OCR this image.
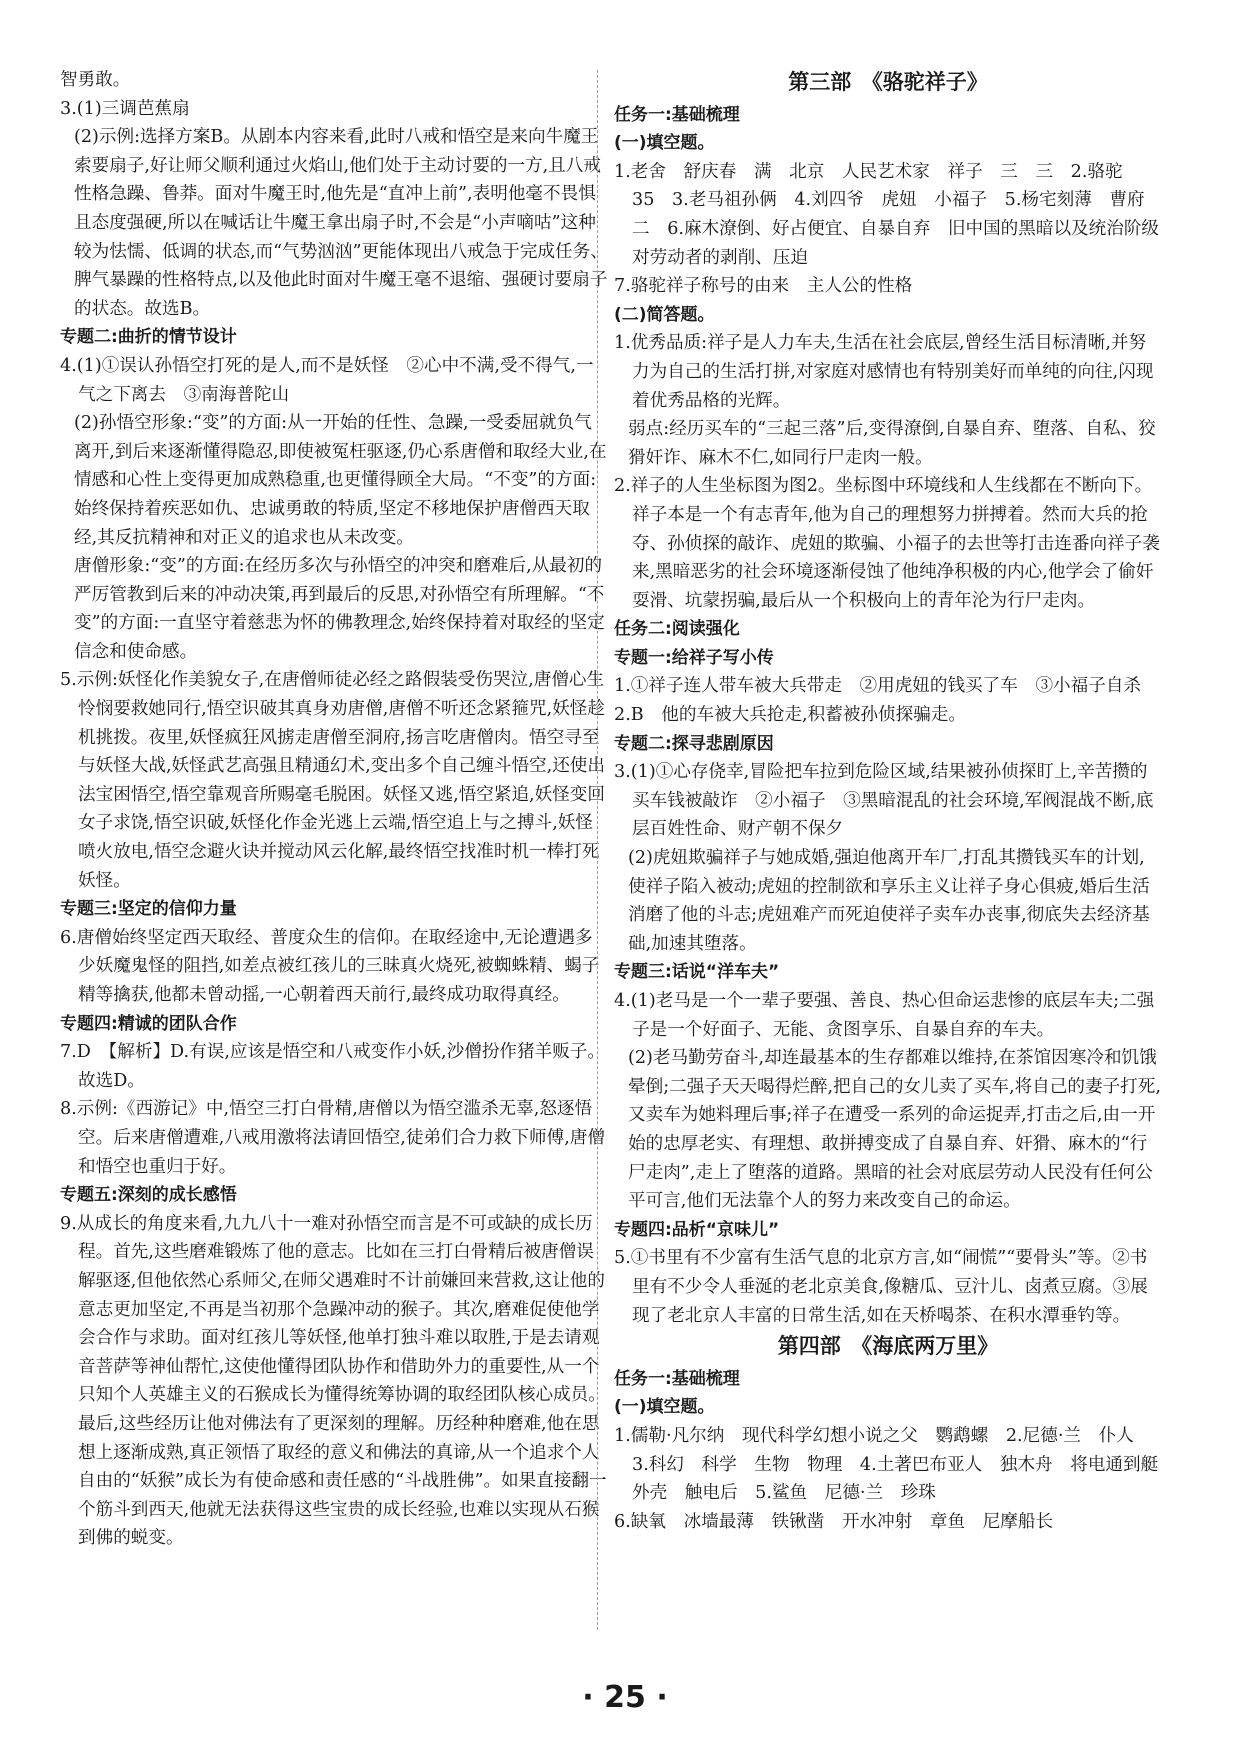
智勇敢。
3.(1)三调芭蕉扇
(2)示例:选择方案B。从剧本内容来看,此时八戒和悟空是来向牛魔王索要扇子,好让师父顺利通过火焰山,他们处于主动讨要的一方,且八戒性格急躁、鲁莽。面对牛魔王时,他先是“直冲上前”,表明他毫不畏惧且态度强硬,所以在喊话让牛魔王拿出扇子时,不会是“小声嘀咕”这种较为怯懦、低调的状态,而“气势汹汹”更能体现出八戒急于完成任务、脾气暴躁的性格特点,以及他此时面对牛魔王毫不退缩、强硬讨要扇子的状态。故选B。
专题二:曲折的情节设计
4.(1)①误认孙悟空打死的是人,而不是妖怪　②心中不满,受不得气,一气之下离去　③南海普陀山
(2)孙悟空形象:“变”的方面:从一开始的任性、急躁,一受委屈就负气离开,到后来逐渐懂得隐忍,即使被冤枉驱逐,仍心系唐僧和取经大业,在情感和心性上变得更加成熟稳重,也更懂得顾全大局。“不变”的方面:始终保持着疾恶如仇、忠诚勇敢的特质,坚定不移地保护唐僧西天取经,其反抗精神和对正义的追求也从未改变。
唐僧形象:“变”的方面:在经历多次与孙悟空的冲突和磨难后,从最初的严厉管教到后来的冲动决策,再到最后的反思,对孙悟空有所理解。“不变”的方面:一直坚守着慈悲为怀的佛教理念,始终保持着对取经的坚定信念和使命感。
5.示例:妖怪化作美貌女子,在唐僧师徒必经之路假装受伤哭泣,唐僧心生怜悯要救她同行,悟空识破其真身劝唐僧,唐僧不听还念紧箍咒,妖怪趁机挑拨。夜里,妖怪疯狂风掳走唐僧至洞府,扬言吃唐僧肉。悟空寻至与妖怪大战,妖怪武艺高强且精通幻术,变出多个自己缠斗悟空,还使出法宝困悟空,悟空靠观音所赐毫毛脱困。妖怪又逃,悟空紧追,妖怪变回女子求饶,悟空识破,妖怪化作金光逃上云端,悟空追上与之搏斗,妖怪喷火放电,悟空念避火诀并搅动风云化解,最终悟空找准时机一棒打死妖怪。
专题三:坚定的信仰力量
6.唐僧始终坚定西天取经、普度众生的信仰。在取经途中,无论遭遇多少妖魔鬼怪的阻挡,如差点被红孩儿的三昧真火烧死,被蜘蛛精、蝎子精等擒获,他都未曾动摇,一心朝着西天前行,最终成功取得真经。
专题四:精诚的团队合作
7.D　【解析】D.有误,应该是悟空和八戒变作小妖,沙僧扮作猪羊贩子。故选D。
8.示例:《西游记》中,悟空三打白骨精,唐僧以为悟空滥杀无辜,怒逐悟空。后来唐僧遭难,八戒用激将法请回悟空,徒弟们合力救下师傅,唐僧和悟空也重归于好。
专题五:深刻的成长感悟
9.从成长的角度来看,九九八十一难对孙悟空而言是不可或缺的成长历程。首先,这些磨难锻炼了他的意志。比如在三打白骨精后被唐僧误解驱逐,但他依然心系师父,在师父遇难时不计前嫌回来营救,这让他的意志更加坚定,不再是当初那个急躁冲动的猴子。其次,磨难促使他学会合作与求助。面对红孩儿等妖怪,他单打独斗难以取胜,于是去请观音菩萨等神仙帮忙,这使他懂得团队协作和借助外力的重要性,从一个只知个人英雄主义的石猴成长为懂得统筹协调的取经团队核心成员。最后,这些经历让他对佛法有了更深刻的理解。历经种种磨难,他在思想上逐渐成熟,真正领悟了取经的意义和佛法的真谛,从一个追求个人自由的“妖猴”成长为有使命感和责任感的“斗战胜佛”。如果直接翻一个筋斗到西天,他就无法获得这些宝贵的成长经验,也难以实现从石猴到佛的蜕变。
第三部　《骆驼祥子》
任务一:基础梳理
(一)填空题。
1.老舍　舒庆春　满　北京　人民艺术家　祥子　三　三　2.骆驼　35　3.老马祖孙俩　4.刘四爷　虎妞　小福子　5.杨宅刻薄　曹府　二　6.麻木潦倒、好占便宜、自暴自弃　旧中国的黑暗以及统治阶级对劳动者的剥削、压迫
7.骆驼祥子称号的由来　主人公的性格
(二)简答题。
1.优秀品质:祥子是人力车夫,生活在社会底层,曾经生活目标清晰,并努力为自己的生活打拼,对家庭对感情也有特别美好而单纯的向往,闪现着优秀品格的光辉。
弱点:经历买车的“三起三落”后,变得潦倒,自暴自弃、堕落、自私、狡猾奸诈、麻木不仁,如同行尸走肉一般。
2.祥子的人生坐标图为图2。坐标图中环境线和人生线都在不断向下。祥子本是一个有志青年,他为自己的理想努力拼搏着。然而大兵的抢夺、孙侦探的敲诈、虎妞的欺骗、小福子的去世等打击连番向祥子袭来,黑暗恶劣的社会环境逐渐侵蚀了他纯净积极的内心,他学会了偷奸耍滑、坑蒙拐骗,最后从一个积极向上的青年沦为行尸走肉。
任务二:阅读强化
专题一:给祥子写小传
1.①祥子连人带车被大兵带走　②用虎妞的钱买了车　③小福子自杀
2.B　他的车被大兵抢走,积蓄被孙侦探骗走。
专题二:探寻悲剧原因
3.(1)①心存侥幸,冒险把车拉到危险区域,结果被孙侦探盯上,辛苦攒的买车钱被敲诈　②小福子　③黑暗混乱的社会环境,军阀混战不断,底层百姓性命、财产朝不保夕
(2)虎妞欺骗祥子与她成婚,强迫他离开车厂,打乱其攒钱买车的计划,使祥子陷入被动;虎妞的控制欲和享乐主义让祥子身心俱疲,婚后生活消磨了他的斗志;虎妞难产而死迫使祥子卖车办丧事,彻底失去经济基础,加速其堕落。
专题三:话说“洋车夫”
4.(1)老马是一个一辈子要强、善良、热心但命运悲惨的底层车夫;二强子是一个好面子、无能、贪图享乐、自暴自弃的车夫。
(2)老马勤劳奋斗,却连最基本的生存都难以维持,在茶馆因寒冷和饥饿晕倒;二强子天天喝得烂醉,把自己的女儿卖了买车,将自己的妻子打死,又卖车为她料理后事;祥子在遭受一系列的命运捉弄,打击之后,由一开始的忠厚老实、有理想、敢拼搏变成了自暴自弃、奸猾、麻木的“行尸走肉”,走上了堕落的道路。黑暗的社会对底层劳动人民没有任何公平可言,他们无法靠个人的努力来改变自己的命运。
专题四:品析“京味儿”
5.①书里有不少富有生活气息的北京方言,如“闹慌”“要骨头”等。②书里有不少令人垂涎的老北京美食,像糖瓜、豆汁儿、卤煮豆腐。③展现了老北京人丰富的日常生活,如在天桥喝茶、在积水潭垂钓等。
第四部　《海底两万里》
任务一:基础梳理
(一)填空题。
1.儒勒·凡尔纳　现代科学幻想小说之父　鹦鹉螺　2.尼德·兰　仆人　3.科幻　科学　生物　物理　4.土著巴布亚人　独木舟　将电通到艇外壳　触电后　5.鲨鱼　尼德·兰　珍珠
6.缺氧　冰墙最薄　铁锹凿　开水冲射　章鱼　尼摩船长
· 25 ·
